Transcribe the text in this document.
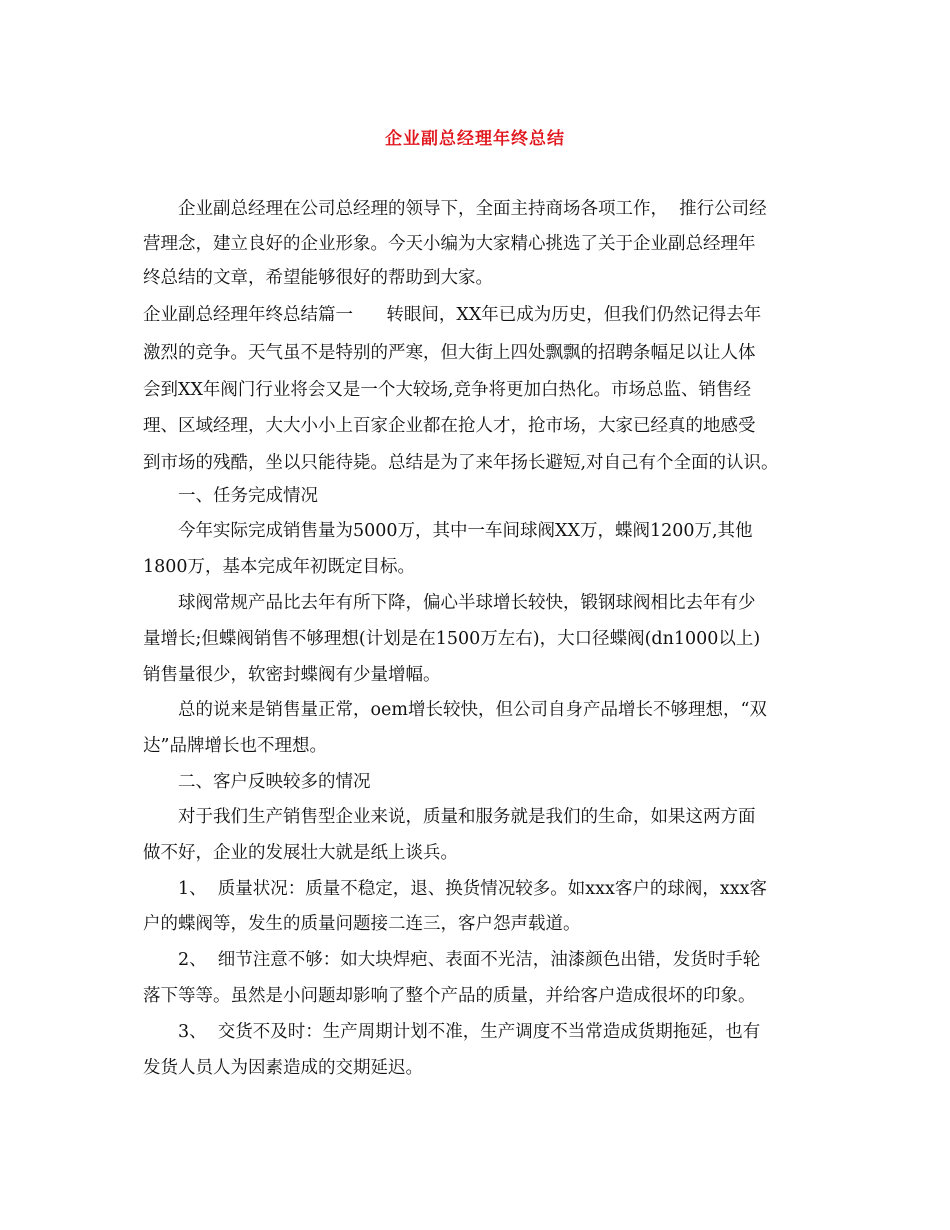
企业副总经理年终总结
企业副总经理在公司总经理的领导下，全面主持商场各项工作，  推行公司经
营理念，建立良好的企业形象。今天小编为大家精心挑选了关于企业副总经理年
终总结的文章，希望能够很好的帮助到大家。
企业副总经理年终总结篇一      转眼间，XX年已成为历史，但我们仍然记得去年
激烈的竞争。天气虽不是特别的严寒，但大街上四处飘飘的招聘条幅足以让人体
会到XX年阀门行业将会又是一个大较场,竞争将更加白热化。市场总监、销售经
理、区域经理，大大小小上百家企业都在抢人才，抢市场，大家已经真的地感受
到市场的残酷，坐以只能待毙。总结是为了来年扬长避短,对自己有个全面的认识。
一、任务完成情况
今年实际完成销售量为5000万，其中一车间球阀XX万，蝶阀1200万,其他
1800万，基本完成年初既定目标。
球阀常规产品比去年有所下降，偏心半球增长较快，锻钢球阀相比去年有少
量增长;但蝶阀销售不够理想(计划是在1500万左右)，大口径蝶阀(dn1000以上)
销售量很少，软密封蝶阀有少量增幅。
总的说来是销售量正常，oem增长较快，但公司自身产品增长不够理想，“双
达”品牌增长也不理想。
二、客户反映较多的情况
对于我们生产销售型企业来说，质量和服务就是我们的生命，如果这两方面
做不好，企业的发展壮大就是纸上谈兵。
1、  质量状况：质量不稳定，退、换货情况较多。如xxx客户的球阀，xxx客
户的蝶阀等，发生的质量问题接二连三，客户怨声载道。
2、  细节注意不够：如大块焊疤、表面不光洁，油漆颜色出错，发货时手轮
落下等等。虽然是小问题却影响了整个产品的质量，并给客户造成很坏的印象。
3、  交货不及时：生产周期计划不准，生产调度不当常造成货期拖延，也有
发货人员人为因素造成的交期延迟。
